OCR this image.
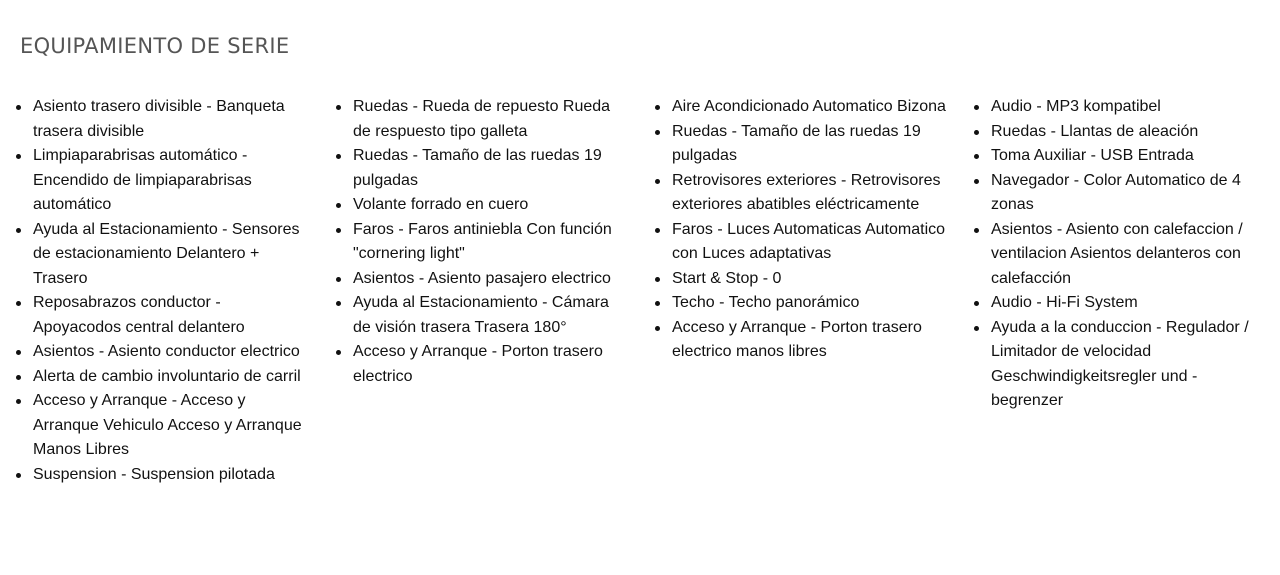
EQUIPAMIENTO DE SERIE
Asiento trasero divisible - Banqueta trasera divisible
Limpiaparabrisas automático - Encendido de limpiaparabrisas automático
Ayuda al Estacionamiento - Sensores de estacionamiento Delantero + Trasero
Reposabrazos conductor - Apoyacodos central delantero
Asientos - Asiento conductor electrico
Alerta de cambio involuntario de carril
Acceso y Arranque - Acceso y Arranque Vehiculo Acceso y Arranque Manos Libres
Suspension - Suspension pilotada
Ruedas - Rueda de repuesto Rueda de respuesto tipo galleta
Ruedas - Tamaño de las ruedas 19 pulgadas
Volante forrado en cuero
Faros - Faros antiniebla Con función "cornering light"
Asientos - Asiento pasajero electrico
Ayuda al Estacionamiento - Cámara de visión trasera Trasera 180°
Acceso y Arranque - Porton trasero electrico
Aire Acondicionado Automatico Bizona
Ruedas - Tamaño de las ruedas 19 pulgadas
Retrovisores exteriores - Retrovisores exteriores abatibles eléctricamente
Faros - Luces Automaticas Automatico con Luces adaptativas
Start & Stop - 0
Techo - Techo panorámico
Acceso y Arranque - Porton trasero electrico manos libres
Audio - MP3 kompatibel
Ruedas - Llantas de aleación
Toma Auxiliar - USB Entrada
Navegador - Color Automatico de 4 zonas
Asientos - Asiento con calefaccion / ventilacion Asientos delanteros con calefacción
Audio - Hi-Fi System
Ayuda a la conduccion - Regulador / Limitador de velocidad Geschwindigkeitsregler und -begrenzer
